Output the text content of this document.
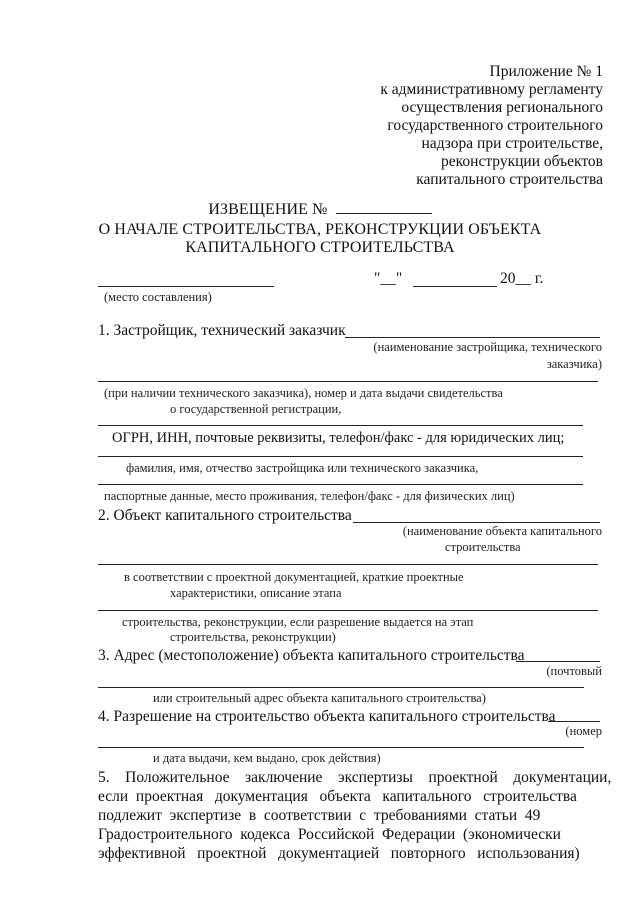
Приложение № 1
к административному регламенту
осуществления регионального
государственного строительного
надзора при строительстве,
реконструкции объектов
капитального строительства
ИЗВЕЩЕНИЕ №
О НАЧАЛЕ СТРОИТЕЛЬСТВА, РЕКОНСТРУКЦИИ ОБЪЕКТА
КАПИТАЛЬНОГО СТРОИТЕЛЬСТВА
"__"	20__ г.
(место составления)
1. Застройщик, технический заказчик
(наименование застройщика, технического
заказчика)
(при наличии технического заказчика), номер и дата выдачи свидетельства
о государственной регистрации,
ОГРН, ИНН, почтовые реквизиты, телефон/факс - для юридических лиц;
фамилия, имя, отчество застройщика или технического заказчика,
паспортные данные, место проживания, телефон/факс - для физических лиц)
2. Объект капитального строительства
(наименование объекта капитального
строительства
в соответствии с проектной документацией, краткие проектные
характеристики, описание этапа
строительства, реконструкции, если разрешение выдается на этап
строительства, реконструкции)
3. Адрес (местоположение) объекта капитального строительства
(почтовый
или строительный адрес объекта капитального строительства)
4. Разрешение на строительство объекта капитального строительства
(номер
и дата выдачи, кем выдано, срок действия)
5.    Положительное    заключение    экспертизы    проектной    документации,
если  проектная   документация   объекта   капитального   строительства
подлежит  экспертизе  в  соответствии  с  требованиями  статьи  49
Градостроительного  кодекса  Российской  Федерации  (экономически
эффективной   проектной   документацией   повторного   использования)
